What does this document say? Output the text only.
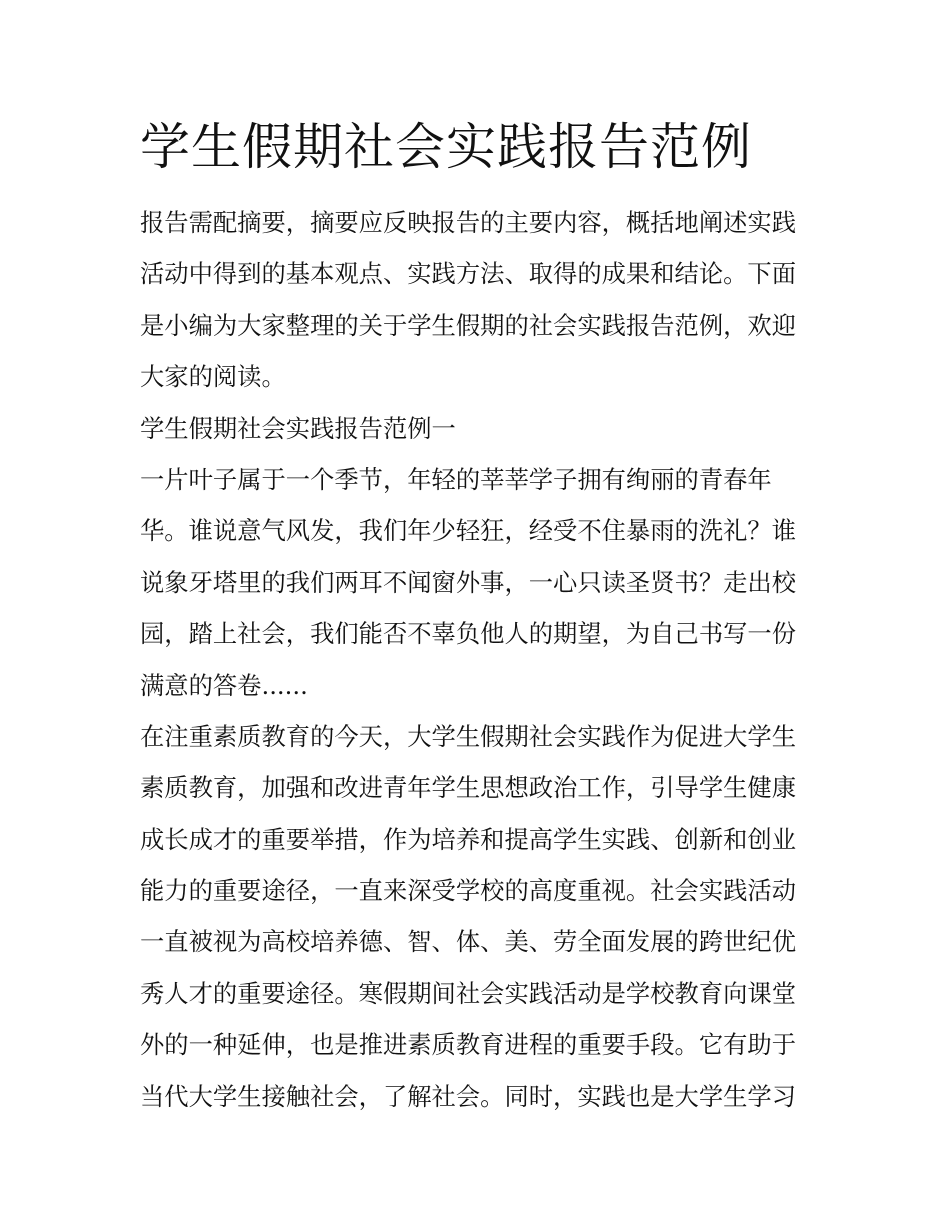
学生假期社会实践报告范例

报告需配摘要，摘要应反映报告的主要内容，概括地阐述实践

活动中得到的基本观点、实践方法、取得的成果和结论。下面

是小编为大家整理的关于学生假期的社会实践报告范例，欢迎

大家的阅读。

学生假期社会实践报告范例一

一片叶子属于一个季节，年轻的莘莘学子拥有绚丽的青春年

华。谁说意气风发，我们年少轻狂，经受不住暴雨的洗礼？谁

说象牙塔里的我们两耳不闻窗外事，一心只读圣贤书？走出校

园，踏上社会，我们能否不辜负他人的期望，为自己书写一份

满意的答卷......

在注重素质教育的今天，大学生假期社会实践作为促进大学生

素质教育，加强和改进青年学生思想政治工作，引导学生健康

成长成才的重要举措，作为培养和提高学生实践、创新和创业

能力的重要途径，一直来深受学校的高度重视。社会实践活动

一直被视为高校培养德、智、体、美、劳全面发展的跨世纪优

秀人才的重要途径。寒假期间社会实践活动是学校教育向课堂

外的一种延伸，也是推进素质教育进程的重要手段。它有助于

当代大学生接触社会，了解社会。同时，实践也是大学生学习
